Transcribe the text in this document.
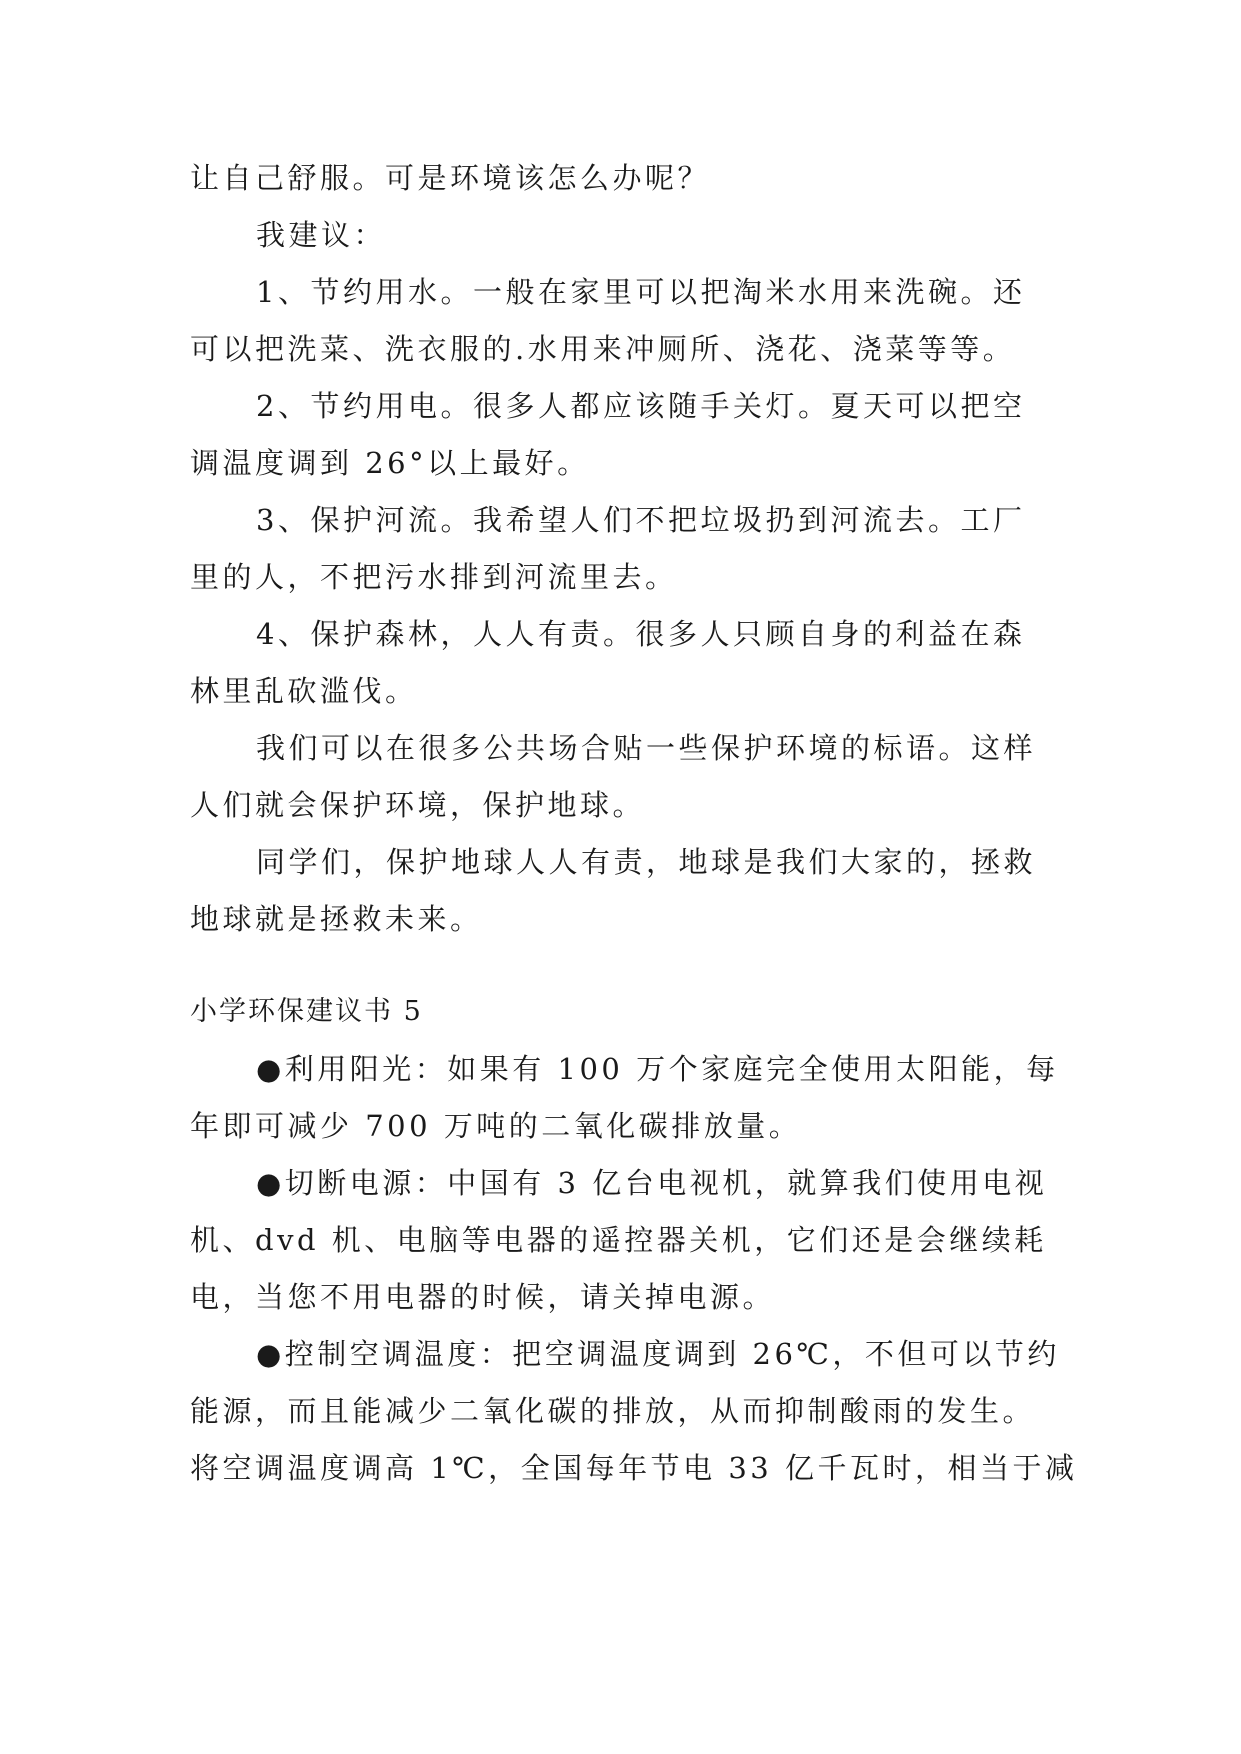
让自己舒服。可是环境该怎么办呢？
我建议：
1、节约用水。一般在家里可以把淘米水用来洗碗。还
可以把洗菜、洗衣服的.水用来冲厕所、浇花、浇菜等等。
2、节约用电。很多人都应该随手关灯。夏天可以把空
调温度调到 26°以上最好。
3、保护河流。我希望人们不把垃圾扔到河流去。工厂
里的人，不把污水排到河流里去。
4、保护森林，人人有责。很多人只顾自身的利益在森
林里乱砍滥伐。
我们可以在很多公共场合贴一些保护环境的标语。这样
人们就会保护环境，保护地球。
同学们，保护地球人人有责，地球是我们大家的，拯救
地球就是拯救未来。
小学环保建议书 5
●利用阳光：如果有 100 万个家庭完全使用太阳能，每
年即可减少 700 万吨的二氧化碳排放量。
●切断电源：中国有 3 亿台电视机，就算我们使用电视
机、dvd 机、电脑等电器的遥控器关机，它们还是会继续耗
电，当您不用电器的时候，请关掉电源。
●控制空调温度：把空调温度调到 26℃，不但可以节约
能源，而且能减少二氧化碳的排放，从而抑制酸雨的发生。
将空调温度调高 1℃，全国每年节电 33 亿千瓦时，相当于减
